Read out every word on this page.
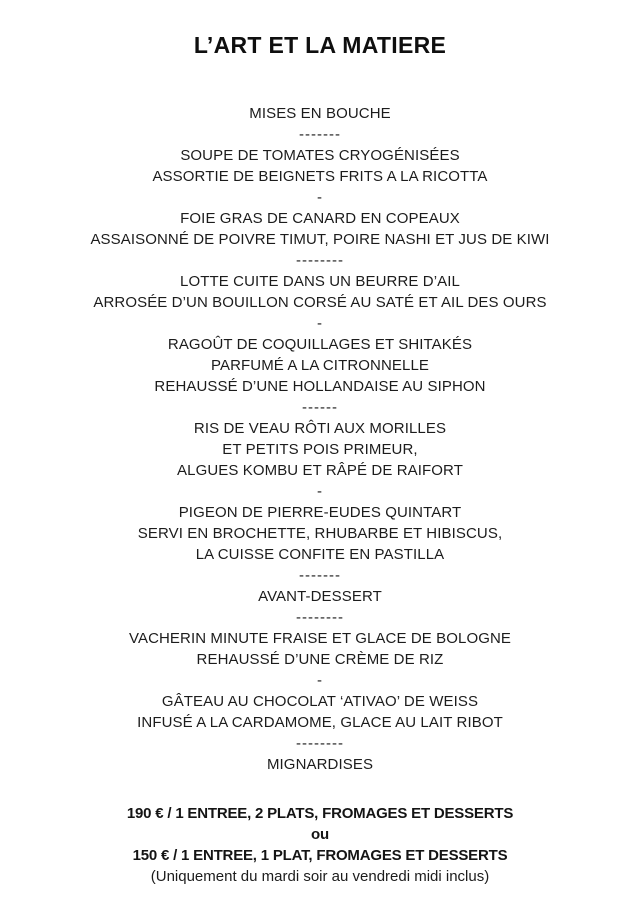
L’ART ET LA MATIERE
MISES EN BOUCHE
-------
SOUPE DE TOMATES CRYOGÉNISÉES
ASSORTIE DE BEIGNETS FRITS A LA RICOTTA
-
FOIE GRAS DE CANARD EN COPEAUX
ASSAISONNÉ DE POIVRE TIMUT, POIRE NASHI ET JUS DE KIWI
--------
LOTTE CUITE DANS UN BEURRE D’AIL
ARROSÉE D’UN BOUILLON CORSÉ AU SATÉ ET AIL DES OURS
-
RAGOÛT DE COQUILLAGES ET SHITAKÉS
PARFUMÉ A LA CITRONNELLE
REHAUSSÉ D’UNE HOLLANDAISE AU SIPHON
------
RIS DE VEAU RÔTI AUX MORILLES
ET PETITS POIS PRIMEUR,
ALGUES KOMBU ET RÂPÉ DE RAIFORT
-
PIGEON DE PIERRE-EUDES QUINTART
SERVI EN BROCHETTE, RHUBARBE ET HIBISCUS,
LA CUISSE CONFITE EN PASTILLA
-------
AVANT-DESSERT
--------
VACHERIN MINUTE FRAISE ET GLACE DE BOLOGNE
REHAUSSÉ D’UNE CRÈME DE RIZ
-
GÂTEAU AU CHOCOLAT ‘ATIVAO’ DE WEISS
INFUSÉ A LA CARDAMOME, GLACE AU LAIT RIBOT
--------
MIGNARDISES
190 € / 1 ENTREE, 2 PLATS, FROMAGES ET DESSERTS
ou
150 € / 1 ENTREE, 1 PLAT, FROMAGES ET DESSERTS
(Uniquement du mardi soir au vendredi midi inclus)
